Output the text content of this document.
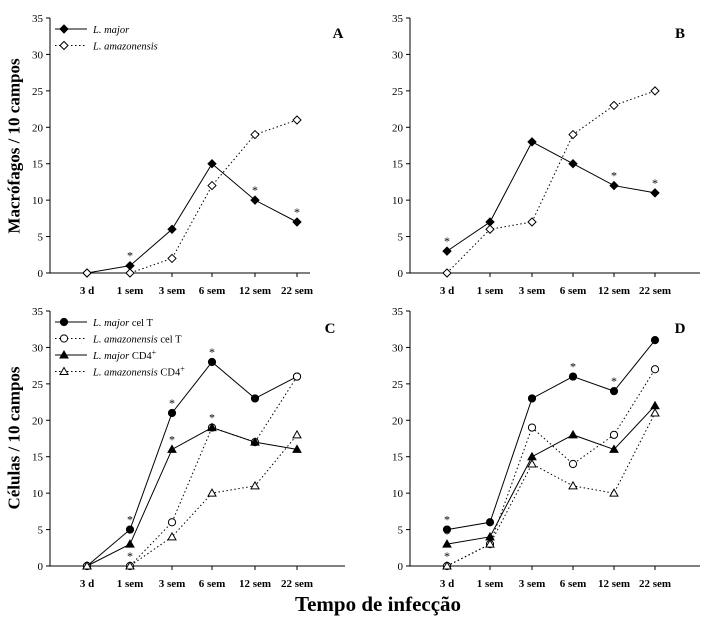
0
5
10
15
20
25
30
35
3 d 1 sem 3 sem 6 sem 12 sem 22 sem
A
*
*
*
L. major
L. amazonensis
0
5
10
15
20
25
30
35
3 d 1 sem 3 sem 6 sem 12 sem 22 sem
B
*
*
*
0
5
10
15
20
25
30
35
3 d 1 sem 3 sem 6 sem 12 sem 22 sem
C
*
*
*
*
*
*
L. major cel T
L. amazonensis cel T
L. major CD4+
L. amazonensis CD4+
0
5
10
15
20
25
30
35
3 d 1 sem 3 sem 6 sem 12 sem 22 sem
D
*
*
*
*
*
Macrófagos / 10 campos
Células / 10 campos
Tempo de infecção
